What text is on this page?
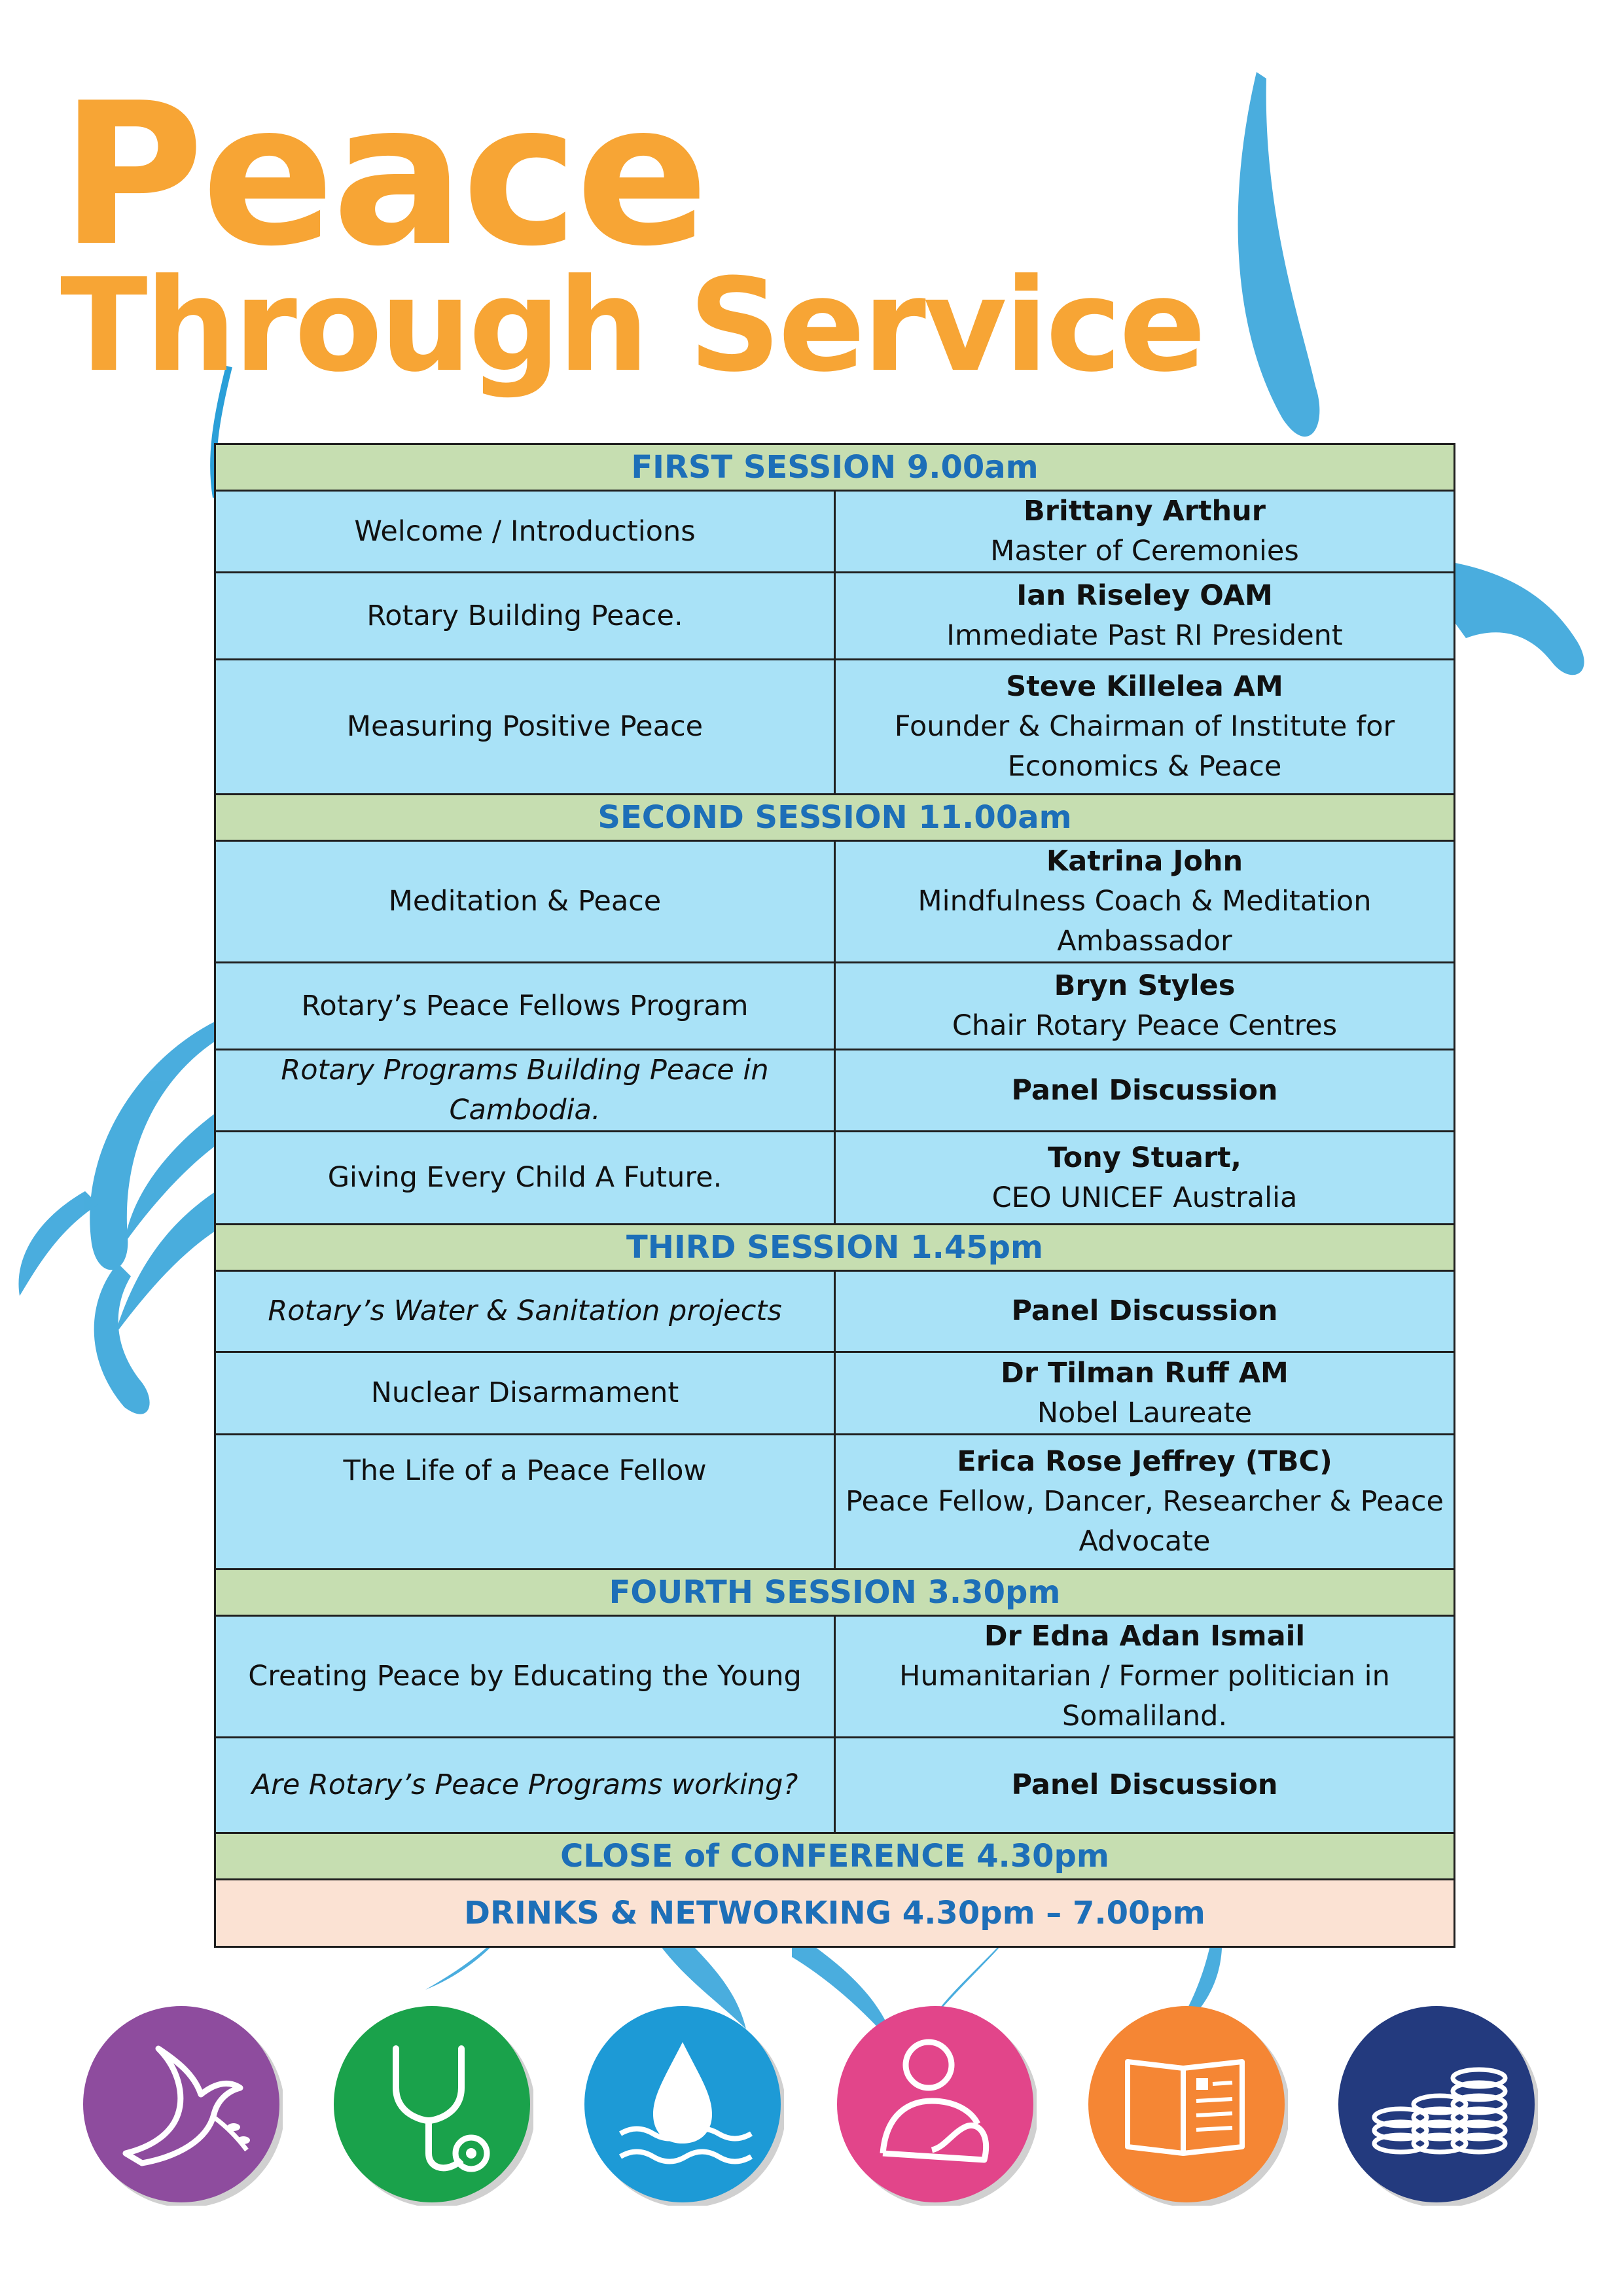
Peace
Through Service
FIRST SESSION 9.00am	
Welcome / Introductions	Brittany Arthur
Master of Ceremonies

Rotary Building Peace.	Ian Riseley OAM
Immediate Past RI President

Measuring Positive Peace	Steve Killelea AM
Founder & Chairman of Institute for Economics & Peace

SECOND SESSION 11.00am	
Meditation & Peace	Katrina John
Mindfulness Coach & Meditation Ambassador

Rotary’s Peace Fellows Program	Bryn Styles
Chair Rotary Peace Centres

Rotary Programs Building Peace in Cambodia.	Panel Discussion

Giving Every Child A Future.	Tony Stuart,
CEO UNICEF Australia

THIRD SESSION 1.45pm	
Rotary’s Water & Sanitation projects	Panel Discussion

Nuclear Disarmament	Dr Tilman Ruff AM
Nobel Laureate

The Life of a Peace Fellow	Erica Rose Jeffrey (TBC)
Peace Fellow, Dancer, Researcher & Peace Advocate

FOURTH SESSION 3.30pm	
Creating Peace by Educating the Young	Dr Edna Adan Ismail
Humanitarian / Former politician in Somaliland.

Are Rotary’s Peace Programs working?	Panel Discussion

CLOSE of CONFERENCE 4.30pm	
DRINKS & NETWORKING 4.30pm – 7.00pm	
